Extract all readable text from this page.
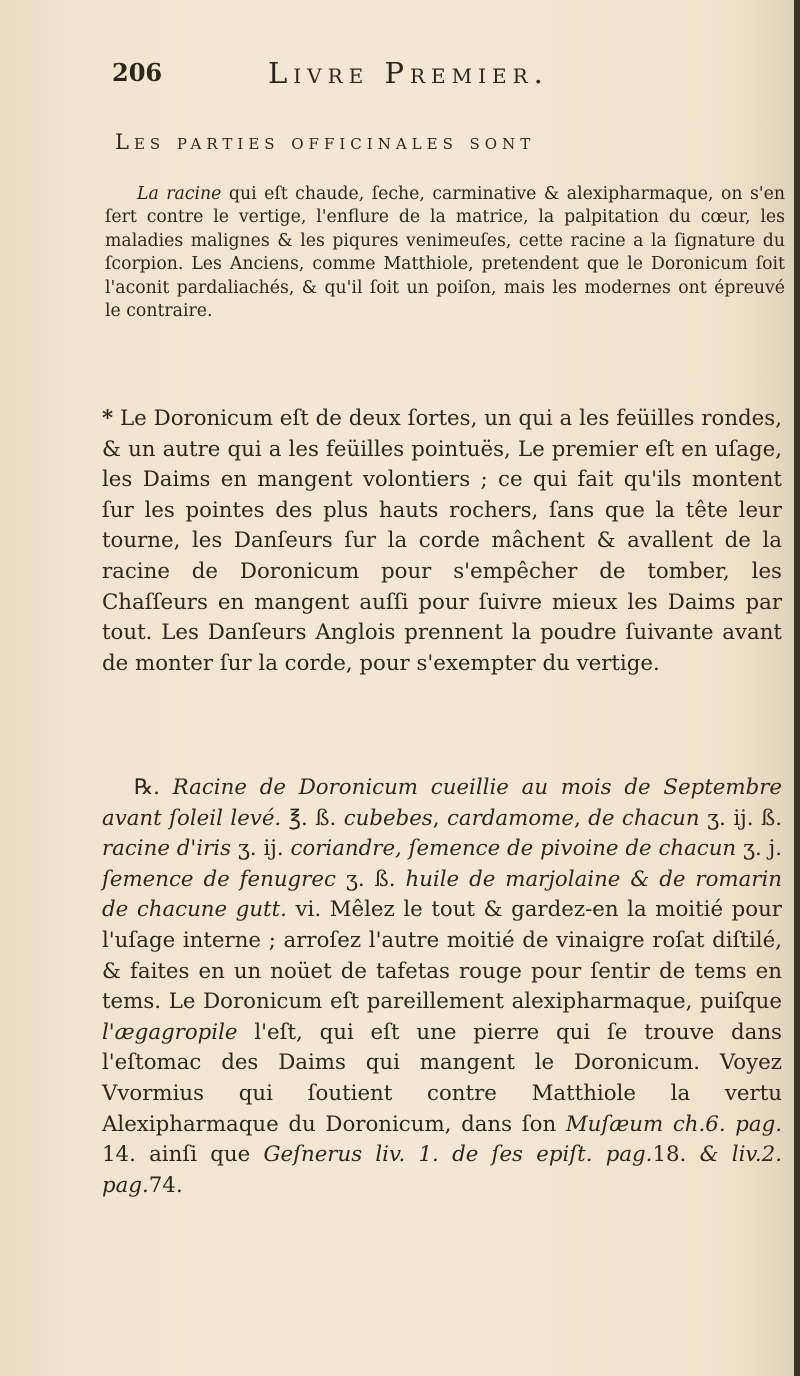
206	Livre Premier.
Les parties officinales sont

La racine qui eſt chaude, ſeche, carminative & alexipharmaque, on s'en ſert contre le vertige, l'enflure de la matrice, la palpitation du cœur, les maladies malignes & les piqures venimeuſes, cette racine a la ſignature du ſcorpion. Les Anciens, comme Matthiole, pretendent que le Doronicum ſoit l'aconit pardaliachés, & qu'il ſoit un poiſon, mais les modernes ont épreuvé le contraire.

* Le Doronicum eſt de deux ſortes, un qui a les feüilles rondes, & un autre qui a les feüilles pointuës, Le premier eſt en uſage, les Daims en mangent volontiers ; ce qui fait qu'ils montent ſur les pointes des plus hauts rochers, ſans que la tête leur tourne, les Danſeurs ſur la corde mâchent & avallent de la racine de Doronicum pour s'empêcher de tomber, les Chaſſeurs en mangent auſſi pour ſuivre mieux les Daims par tout. Les Danſeurs Anglois prennent la poudre ſuivante avant de monter ſur la corde, pour s'exempter du vertige.

℞. Racine de Doronicum cueillie au mois de Septembre avant ſoleil levé. ℥. ß. cubebes, cardamome, de chacun ʒ. ij. ß. racine d'iris ʒ. ij. coriandre, ſemence de pivoine de chacun ʒ. j. ſemence de fenugrec ʒ. ß. huile de marjolaine & de romarin de chacune gutt. vi. Mêlez le tout & gardez-en la moitié pour l'uſage interne ; arroſez l'autre moitié de vinaigre roſat diſtilé, & faites en un noüet de tafetas rouge pour ſentir de tems en tems. Le Doronicum eſt pareillement alexipharmaque, puiſque l'ægagropile l'eſt, qui eſt une pierre qui ſe trouve dans l'eſtomac des Daims qui mangent le Doronicum. Voyez Vvormius qui ſoutient contre Matthiole la vertu Alexipharmaque du Doronicum, dans ſon Muſæum ch.6. pag. 14. ainſi que Geſnerus liv. 1. de ſes epiſt. pag.18. & liv.2. pag.74.
